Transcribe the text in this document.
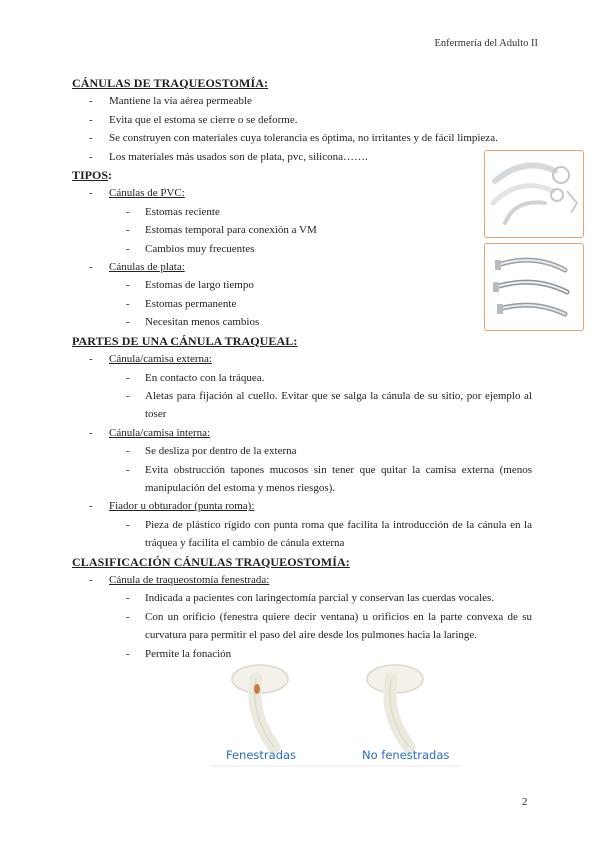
Enfermería del Adulto II
CÁNULAS DE TRAQUEOSTOMÍA:
- Mantiene la vía aérea permeable
- Evita que el estoma se cierre o se deforme.
- Se construyen con materiales cuya tolerancia es óptima, no irritantes y de fácil limpieza.
- Los materiales más usados son de plata, pvc, silicona…….
TIPOS:
- Cánulas de PVC:
- Estomas reciente
- Estomas temporal para conexión a VM
- Cambios muy frecuentes
- Cánulas de plata:
- Estomas de largo tiempo
- Estomas permanente
- Necesitan menos cambios
PARTES DE UNA CÁNULA TRAQUEAL:
- Cánula/camisa externa:
- En contacto con la tráquea.
- Aletas para fijación al cuello. Evitar que se salga la cánula de su sitio, por ejemplo al toser
- Cánula/camisa interna:
- Se desliza por dentro de la externa
- Evita obstrucción tapones mucosos sin tener que quitar la camisa externa (menos manipulación del estoma y menos riesgos).
- Fiador u obturador (punta roma):
- Pieza de plástico rígido con punta roma que facilita la introducción de la cánula en la tráquea y facilita el cambio de cánula externa
CLASIFICACIÓN CÁNULAS TRAQUEOSTOMÍA:
- Cánula de traqueostomía fenestrada:
- Indicada a pacientes con laringectomía parcial y conservan las cuerdas vocales.
- Con un orificio (fenestra quiere decir ventana) u orificios en la parte convexa de su curvatura para permitir el paso del aire desde los pulmones hacia la laringe.
- Permite la fonación
Fenestradas	No fenestradas
2
